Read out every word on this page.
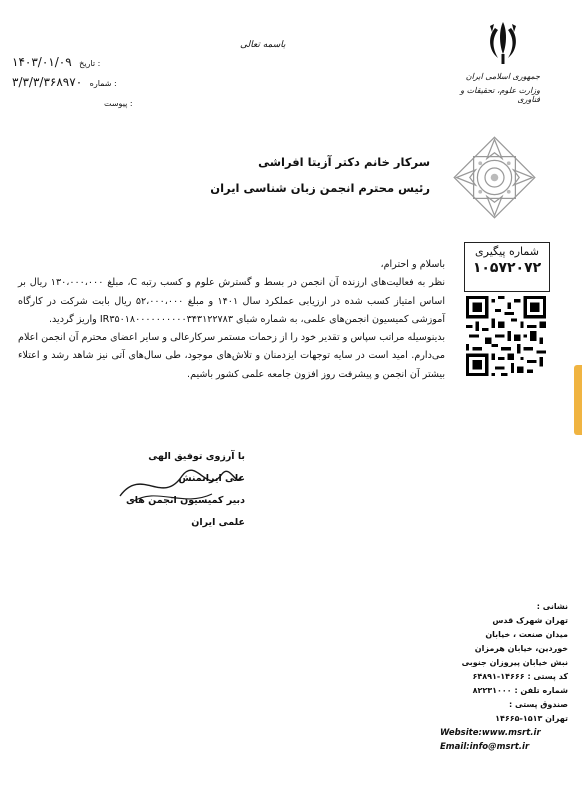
باسمه تعالی
جمهوری اسلامی ایران
وزارت علوم، تحقیقات و فناوری
۱۴۰۳/۰۱/۰۹ تاریخ :
۳/۳/۳/۳۶۸۹۷۰ شماره :
پیوست :
سرکار خانم دکتر آزیتا افراشی
رئیس محترم انجمن زبان شناسی ایران
شماره پیگیری
۱۰۵۷۲۰۷۲

باسلام و احترام،

نظر به فعالیت‌های ارزنده آن انجمن در بسط و گسترش علوم و کسب رتبه C، مبلغ ۱۳۰،۰۰۰،۰۰۰ ریال بر اساس امتیاز کسب شده در ارزیابی عملکرد سال ۱۴۰۱ و مبلغ ۵۲،۰۰۰،۰۰۰ ریال بابت شرکت در کارگاه آموزشی کمیسیون انجمن‌های علمی، به شماره شبای IR۳۵۰۱۸۰۰۰۰۰۰۰۰۰۰۳۴۳۱۲۲۷۸۳ واریز گردید.

بدینوسیله مراتب سپاس و تقدیر خود را از زحمات مستمر سرکارعالی و سایر اعضای محترم آن انجمن اعلام می‌دارم. امید است در سایه توجهات ایزدمنان و تلاش‌های موجود، طی سال‌های آتی نیز شاهد رشد و اعتلاء بیشتر آن انجمن و پیشرفت روز افزون جامعه علمی کشور باشیم.

با آرزوی توفیق الهی
علی ایرانمنش
دبیر کمیسیون انجمن های علمی ایران
نشانی :
تهران شهرک قدس
میدان صنعت ، خیابان
خوردین، خیابان هرمزان
نبش خیابان پیروزان جنوبی
کد پستی : ۱۴۶۶۶-۶۴۸۹۱
شماره تلفن : ۸۲۲۳۱۰۰۰
صندوق پستی :
تهران ۱۵۱۳-۱۴۶۶۵
Website:www.msrt.ir
Email:info@msrt.ir
